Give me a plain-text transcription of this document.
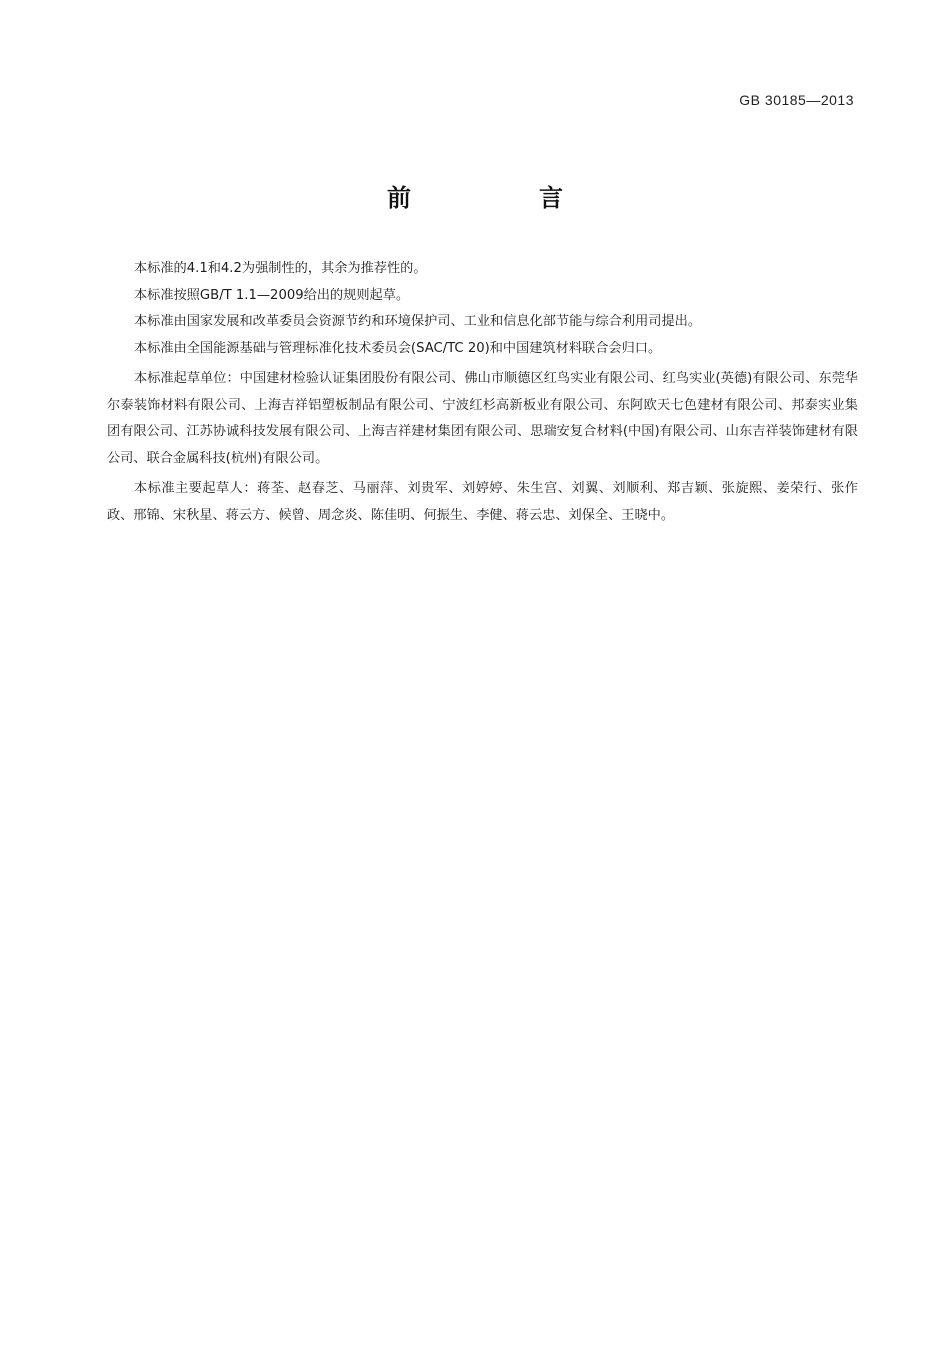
GB 30185—2013
前　言

本标准的4.1和4.2为强制性的，其余为推荐性的。

本标准按照GB/T 1.1—2009给出的规则起草。

本标准由国家发展和改革委员会资源节约和环境保护司、工业和信息化部节能与综合利用司提出。

本标准由全国能源基础与管理标准化技术委员会(SAC/TC 20)和中国建筑材料联合会归口。

本标准起草单位：中国建材检验认证集团股份有限公司、佛山市顺德区红鸟实业有限公司、红鸟实业(英德)有限公司、东莞华尔泰装饰材料有限公司、上海吉祥铝塑板制品有限公司、宁波红杉高新板业有限公司、东阿欧天七色建材有限公司、邦泰实业集团有限公司、江苏协诚科技发展有限公司、上海吉祥建材集团有限公司、思瑞安复合材料(中国)有限公司、山东吉祥装饰建材有限公司、联合金属科技(杭州)有限公司。

本标准主要起草人：蒋荃、赵春芝、马丽萍、刘贵军、刘婷婷、朱生宫、刘翼、刘顺利、郑吉颖、张旋熙、姜荣行、张作政、邢锦、宋秋星、蒋云方、候曾、周念炎、陈佳明、何振生、李健、蒋云忠、刘保全、王晓中。
